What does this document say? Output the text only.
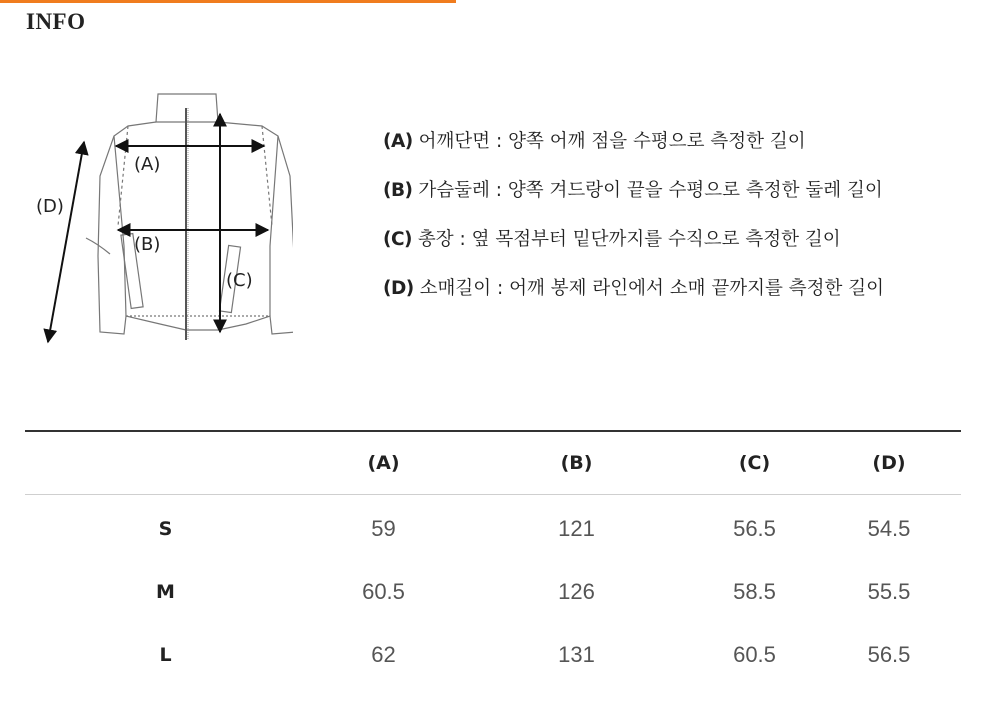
INFO
(A)
(B)
(C)
(D)
(A) 어깨단면 : 양쪽 어깨 점을 수평으로 측정한 길이
(B) 가슴둘레 : 양쪽 겨드랑이 끝을 수평으로 측정한 둘레 길이
(C) 총장 : 옆 목점부터 밑단까지를 수직으로 측정한 길이
(D) 소매길이 : 어깨 봉제 라인에서 소매 끝까지를 측정한 길이
	(A)	(B)	(C)	(D)
S	59	121	56.5	54.5
M	60.5	126	58.5	55.5
L	62	131	60.5	56.5
